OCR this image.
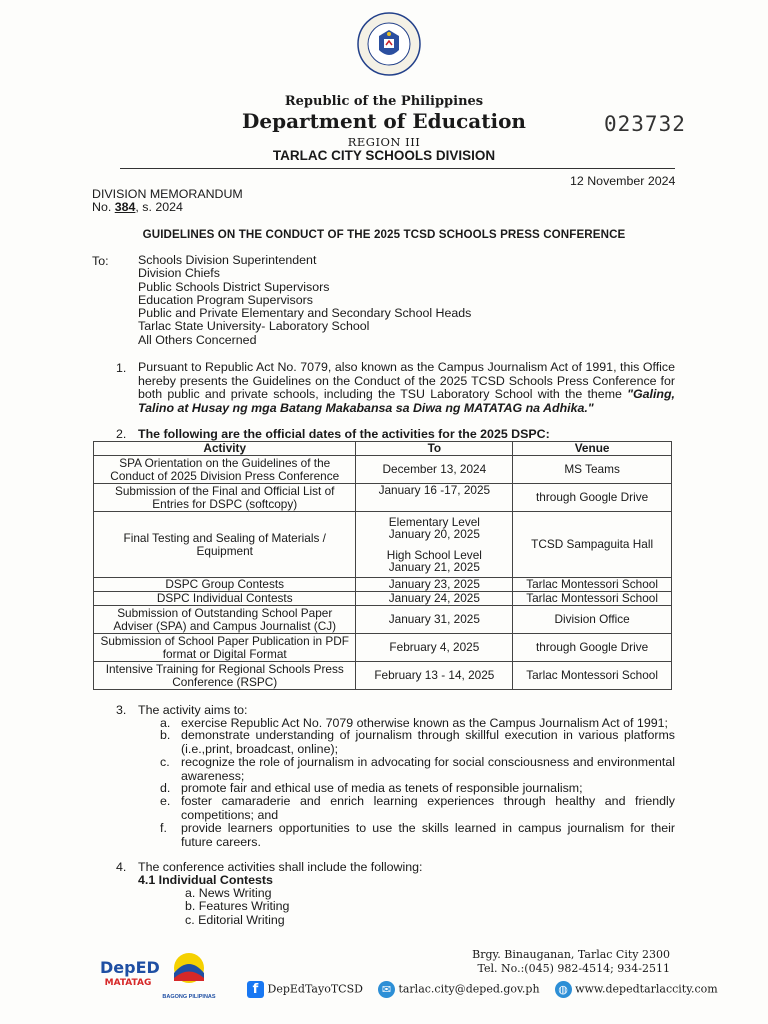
Republic of the Philippines
Department of Education
REGION III
TARLAC CITY SCHOOLS DIVISION
023732
12 November 2024
DIVISION MEMORANDUM
No. 384, s. 2024
GUIDELINES ON THE CONDUCT OF THE 2025 TCSD SCHOOLS PRESS CONFERENCE
To: Schools Division Superintendent
Division Chiefs
Public Schools District Supervisors
Education Program Supervisors
Public and Private Elementary and Secondary School Heads
Tarlac State University- Laboratory School
All Others Concerned
1. Pursuant to Republic Act No. 7079, also known as the Campus Journalism Act of 1991, this Office hereby presents the Guidelines on the Conduct of the 2025 TCSD Schools Press Conference for both public and private schools, including the TSU Laboratory School with the theme "Galing, Talino at Husay ng mga Batang Makabansa sa Diwa ng MATATAG na Adhika."
2. The following are the official dates of the activities for the 2025 DSPC:
Activity	To	Venue
SPA Orientation on the Guidelines of the Conduct of 2025 Division Press Conference	December 13, 2024	MS Teams
Submission of the Final and Official List of Entries for DSPC (softcopy)	January 16 -17, 2025	through Google Drive
Final Testing and Sealing of Materials / Equipment	Elementary Level
January 20, 2025
High School Level
January 21, 2025	TCSD Sampaguita Hall
DSPC Group Contests	January 23, 2025	Tarlac Montessori School
DSPC Individual Contests	January 24, 2025	Tarlac Montessori School
Submission of Outstanding School Paper Adviser (SPA) and Campus Journalist (CJ)	January 31, 2025	Division Office
Submission of School Paper Publication in PDF format or Digital Format	February 4, 2025	through Google Drive
Intensive Training for Regional Schools Press Conference (RSPC)	February 13 - 14, 2025	Tarlac Montessori School
3. The activity aims to:
a. exercise Republic Act No. 7079 otherwise known as the Campus Journalism Act of 1991;
b. demonstrate understanding of journalism through skillful execution in various platforms (i.e.,print, broadcast, online);
c. recognize the role of journalism in advocating for social consciousness and environmental awareness;
d. promote fair and ethical use of media as tenets of responsible journalism;
e. foster camaraderie and enrich learning experiences through healthy and friendly competitions; and
f. provide learners opportunities to use the skills learned in campus journalism for their future careers.
4. The conference activities shall include the following:
4.1 Individual Contests
a. News Writing
b. Features Writing
c. Editorial Writing
Brgy. Binauganan, Tarlac City 2300
Tel. No.:(045) 982-4514; 934-2511
DepED
MATATAG
BAGONG PILIPINAS	f DepEdTayoTCSD ✉ tarlac.city@deped.gov.ph ◍ www.depedtarlaccity.com
